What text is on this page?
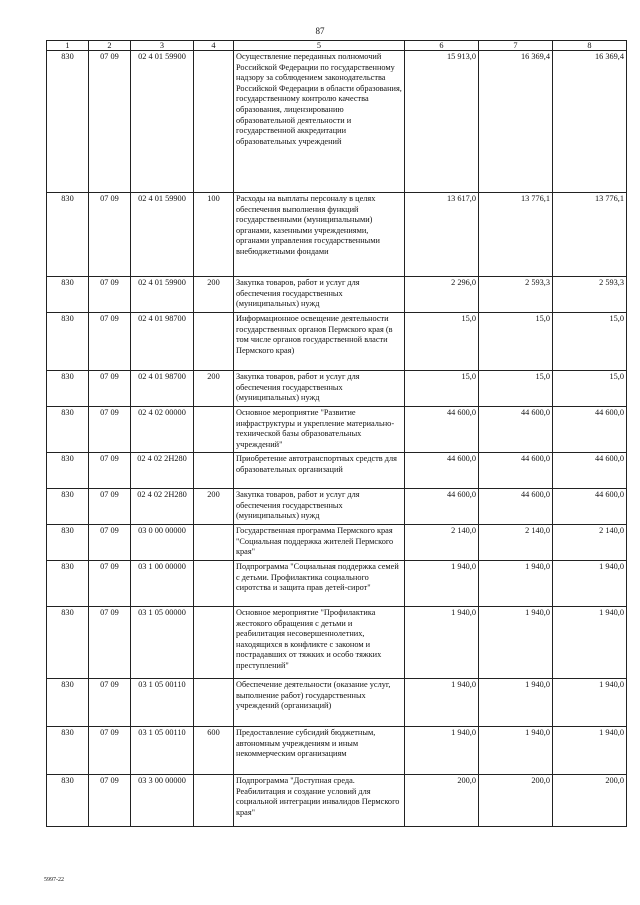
87
1	2	3	4	5	6	7	8
830	07 09	02 4 01 59900		Осуществление переданных полномочий Российской Федерации по государственному надзору за соблюдением законодательства Российской Федерации в области образования, государственному контролю качества образования, лицензированию образовательной деятельности и государственной аккредитации образовательных учреждений	15 913,0	16 369,4	16 369,4
830	07 09	02 4 01 59900	100	Расходы на выплаты персоналу в целях обеспечения выполнения функций государственными (муниципальными) органами, казенными учреждениями, органами управления государственными внебюджетными фондами	13 617,0	13 776,1	13 776,1
830	07 09	02 4 01 59900	200	Закупка товаров, работ и услуг для обеспечения государственных (муниципальных) нужд	2 296,0	2 593,3	2 593,3
830	07 09	02 4 01 98700		Информационное освещение деятельности государственных органов Пермского края (в том числе органов государственной власти Пермского края)	15,0	15,0	15,0
830	07 09	02 4 01 98700	200	Закупка товаров, работ и услуг для обеспечения государственных (муниципальных) нужд	15,0	15,0	15,0
830	07 09	02 4 02 00000		Основное мероприятие "Развитие инфраструктуры и укрепление материально-технической базы образовательных учреждений"	44 600,0	44 600,0	44 600,0
830	07 09	02 4 02 2Н280		Приобретение автотранспортных средств для образовательных организаций	44 600,0	44 600,0	44 600,0
830	07 09	02 4 02 2Н280	200	Закупка товаров, работ и услуг для обеспечения государственных (муниципальных) нужд	44 600,0	44 600,0	44 600,0
830	07 09	03 0 00 00000		Государственная программа Пермского края "Социальная поддержка жителей Пермского края"	2 140,0	2 140,0	2 140,0
830	07 09	03 1 00 00000		Подпрограмма "Социальная поддержка семей с детьми. Профилактика социального сиротства и защита прав детей-сирот"	1 940,0	1 940,0	1 940,0
830	07 09	03 1 05 00000		Основное мероприятие "Профилактика жестокого обращения с детьми и реабилитация несовершеннолетних, находящихся в конфликте с законом и пострадавших от тяжких и особо тяжких преступлений"	1 940,0	1 940,0	1 940,0
830	07 09	03 1 05 00110		Обеспечение деятельности (оказание услуг, выполнение работ) государственных учреждений (организаций)	1 940,0	1 940,0	1 940,0
830	07 09	03 1 05 00110	600	Предоставление субсидий бюджетным, автономным учреждениям и иным некоммерческим организациям	1 940,0	1 940,0	1 940,0
830	07 09	03 3 00 00000		Подпрограмма "Доступная среда. Реабилитация и создание условий для социальной интеграции инвалидов Пермского края"	200,0	200,0	200,0
5997-22
